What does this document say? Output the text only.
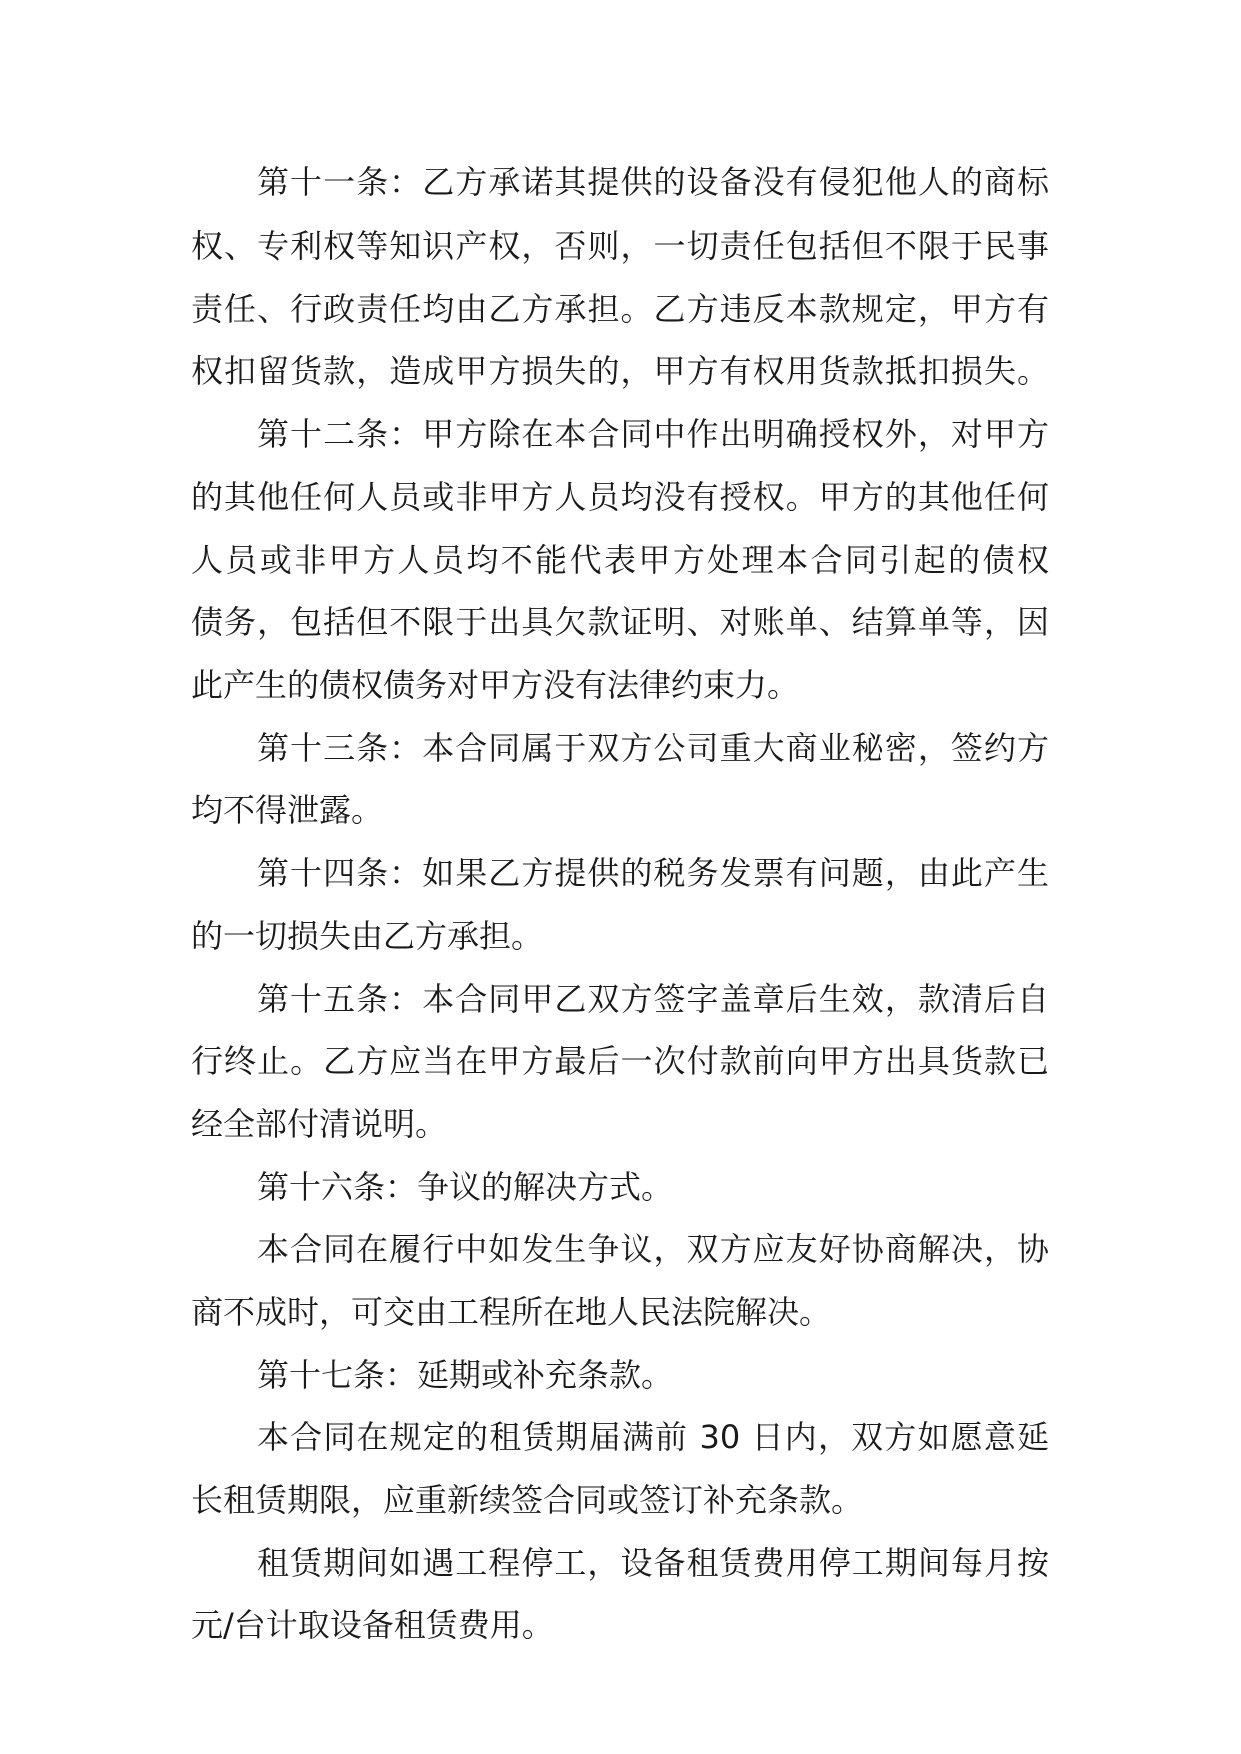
第十一条：乙方承诺其提供的设备没有侵犯他人的商标

权、专利权等知识产权，否则，一切责任包括但不限于民事

责任、行政责任均由乙方承担。乙方违反本款规定，甲方有

权扣留货款，造成甲方损失的，甲方有权用货款抵扣损失。

第十二条：甲方除在本合同中作出明确授权外，对甲方

的其他任何人员或非甲方人员均没有授权。甲方的其他任何

人员或非甲方人员均不能代表甲方处理本合同引起的债权

债务，包括但不限于出具欠款证明、对账单、结算单等，因

此产生的债权债务对甲方没有法律约束力。

第十三条：本合同属于双方公司重大商业秘密，签约方

均不得泄露。

第十四条：如果乙方提供的税务发票有问题，由此产生

的一切损失由乙方承担。

第十五条：本合同甲乙双方签字盖章后生效，款清后自

行终止。乙方应当在甲方最后一次付款前向甲方出具货款已

经全部付清说明。

第十六条：争议的解决方式。

本合同在履行中如发生争议，双方应友好协商解决，协

商不成时，可交由工程所在地人民法院解决。

第十七条：延期或补充条款。

本合同在规定的租赁期届满前 30 日内，双方如愿意延

长租赁期限，应重新续签合同或签订补充条款。

租赁期间如遇工程停工，设备租赁费用停工期间每月按

元/台计取设备租赁费用。
